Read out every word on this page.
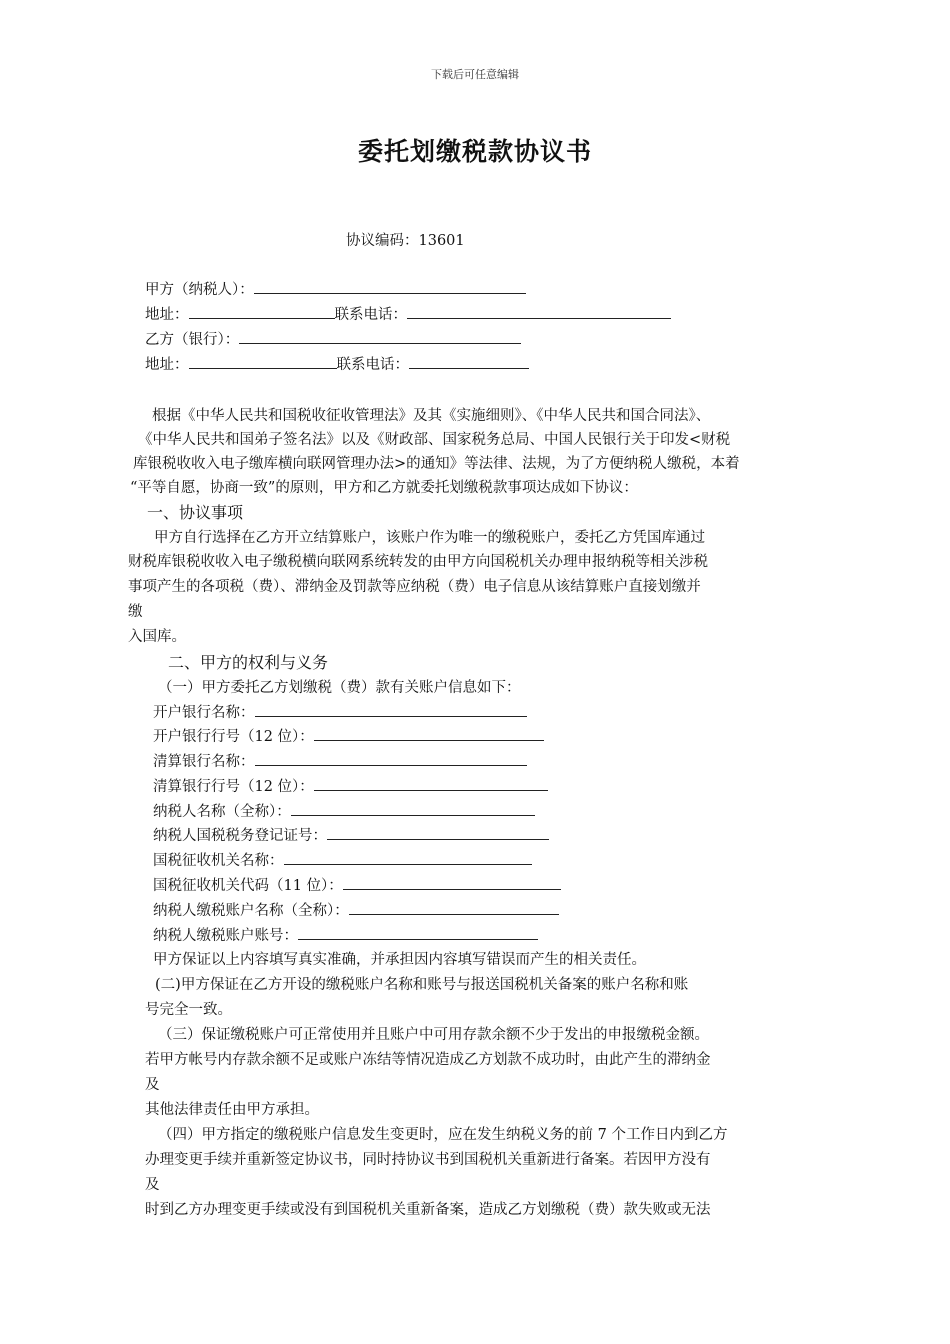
下载后可任意编辑
委托划缴税款协议书
协议编码：13601
甲方（纳税人）：
地址：	联系电话：
乙方（银行）：
地址：	联系电话：
根据《中华人民共和国税收征收管理法》及其《实施细则》、《中华人民共和国合同法》、
《中华人民共和国弟子签名法》以及《财政部、国家税务总局、中国人民银行关于印发<财税
库银税收收入电子缴库横向联网管理办法>的通知》等法律、法规，为了方便纳税人缴税，本着
“平等自愿，协商一致”的原则，甲方和乙方就委托划缴税款事项达成如下协议：
一、协议事项
甲方自行选择在乙方开立结算账户，该账户作为唯一的缴税账户，委托乙方凭国库通过
财税库银税收收入电子缴税横向联网系统转发的由甲方向国税机关办理申报纳税等相关涉税
事项产生的各项税（费）、滞纳金及罚款等应纳税（费）电子信息从该结算账户直接划缴并
缴
入国库。
二、甲方的权利与义务
（一）甲方委托乙方划缴税（费）款有关账户信息如下：
开户银行名称：
开户银行行号（12 位）：
清算银行名称：
清算银行行号（12 位）：
纳税人名称（全称）：
纳税人国税税务登记证号：
国税征收机关名称：
国税征收机关代码（11 位）：
纳税人缴税账户名称（全称）：
纳税人缴税账户账号：
甲方保证以上内容填写真实准确，并承担因内容填写错误而产生的相关责任。
(二)甲方保证在乙方开设的缴税账户名称和账号与报送国税机关备案的账户名称和账
号完全一致。
（三）保证缴税账户可正常使用并且账户中可用存款余额不少于发出的申报缴税金额。
若甲方帐号内存款余额不足或账户冻结等情况造成乙方划款不成功时，由此产生的滞纳金
及
其他法律责任由甲方承担。
（四）甲方指定的缴税账户信息发生变更时，应在发生纳税义务的前 7 个工作日内到乙方
办理变更手续并重新签定协议书，同时持协议书到国税机关重新进行备案。若因甲方没有
及
时到乙方办理变更手续或没有到国税机关重新备案，造成乙方划缴税（费）款失败或无法
